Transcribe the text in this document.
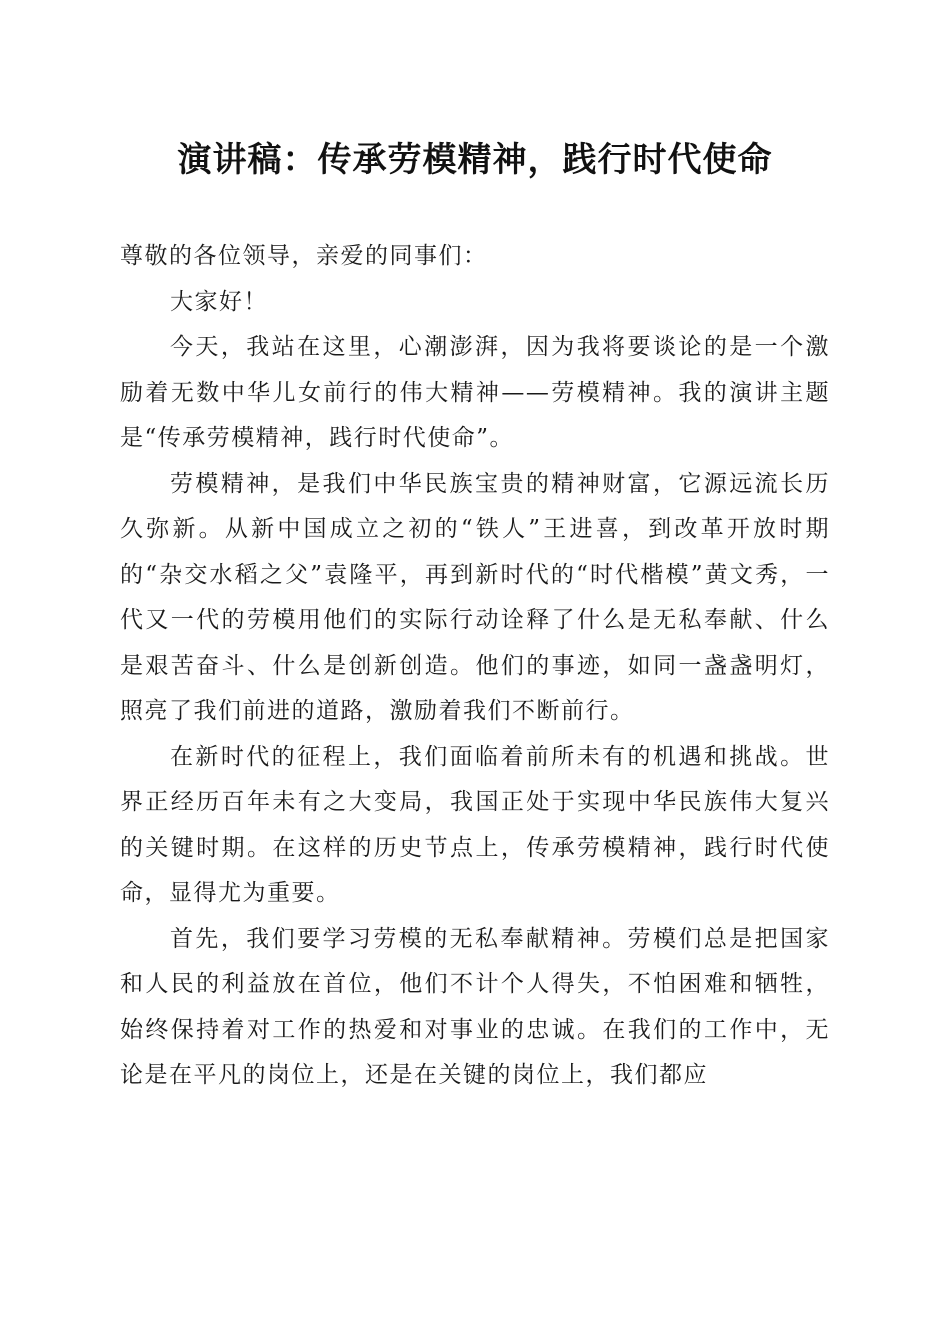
演讲稿：传承劳模精神，践行时代使命

尊敬的各位领导，亲爱的同事们：

大家好！

今天，我站在这里，心潮澎湃，因为我将要谈论的是一个激励着无数中华儿女前行的伟大精神——劳模精神。我的演讲主题是“传承劳模精神，践行时代使命”。

劳模精神，是我们中华民族宝贵的精神财富，它源远流长历久弥新。从新中国成立之初的“铁人”王进喜，到改革开放时期的“杂交水稻之父”袁隆平，再到新时代的“时代楷模”黄文秀，一代又一代的劳模用他们的实际行动诠释了什么是无私奉献、什么是艰苦奋斗、什么是创新创造。他们的事迹，如同一盏盏明灯，照亮了我们前进的道路，激励着我们不断前行。

在新时代的征程上，我们面临着前所未有的机遇和挑战。世界正经历百年未有之大变局，我国正处于实现中华民族伟大复兴的关键时期。在这样的历史节点上，传承劳模精神，践行时代使命，显得尤为重要。

首先，我们要学习劳模的无私奉献精神。劳模们总是把国家和人民的利益放在首位，他们不计个人得失，不怕困难和牺牲，始终保持着对工作的热爱和对事业的忠诚。在我们的工作中，无论是在平凡的岗位上，还是在关键的岗位上，我们都应
